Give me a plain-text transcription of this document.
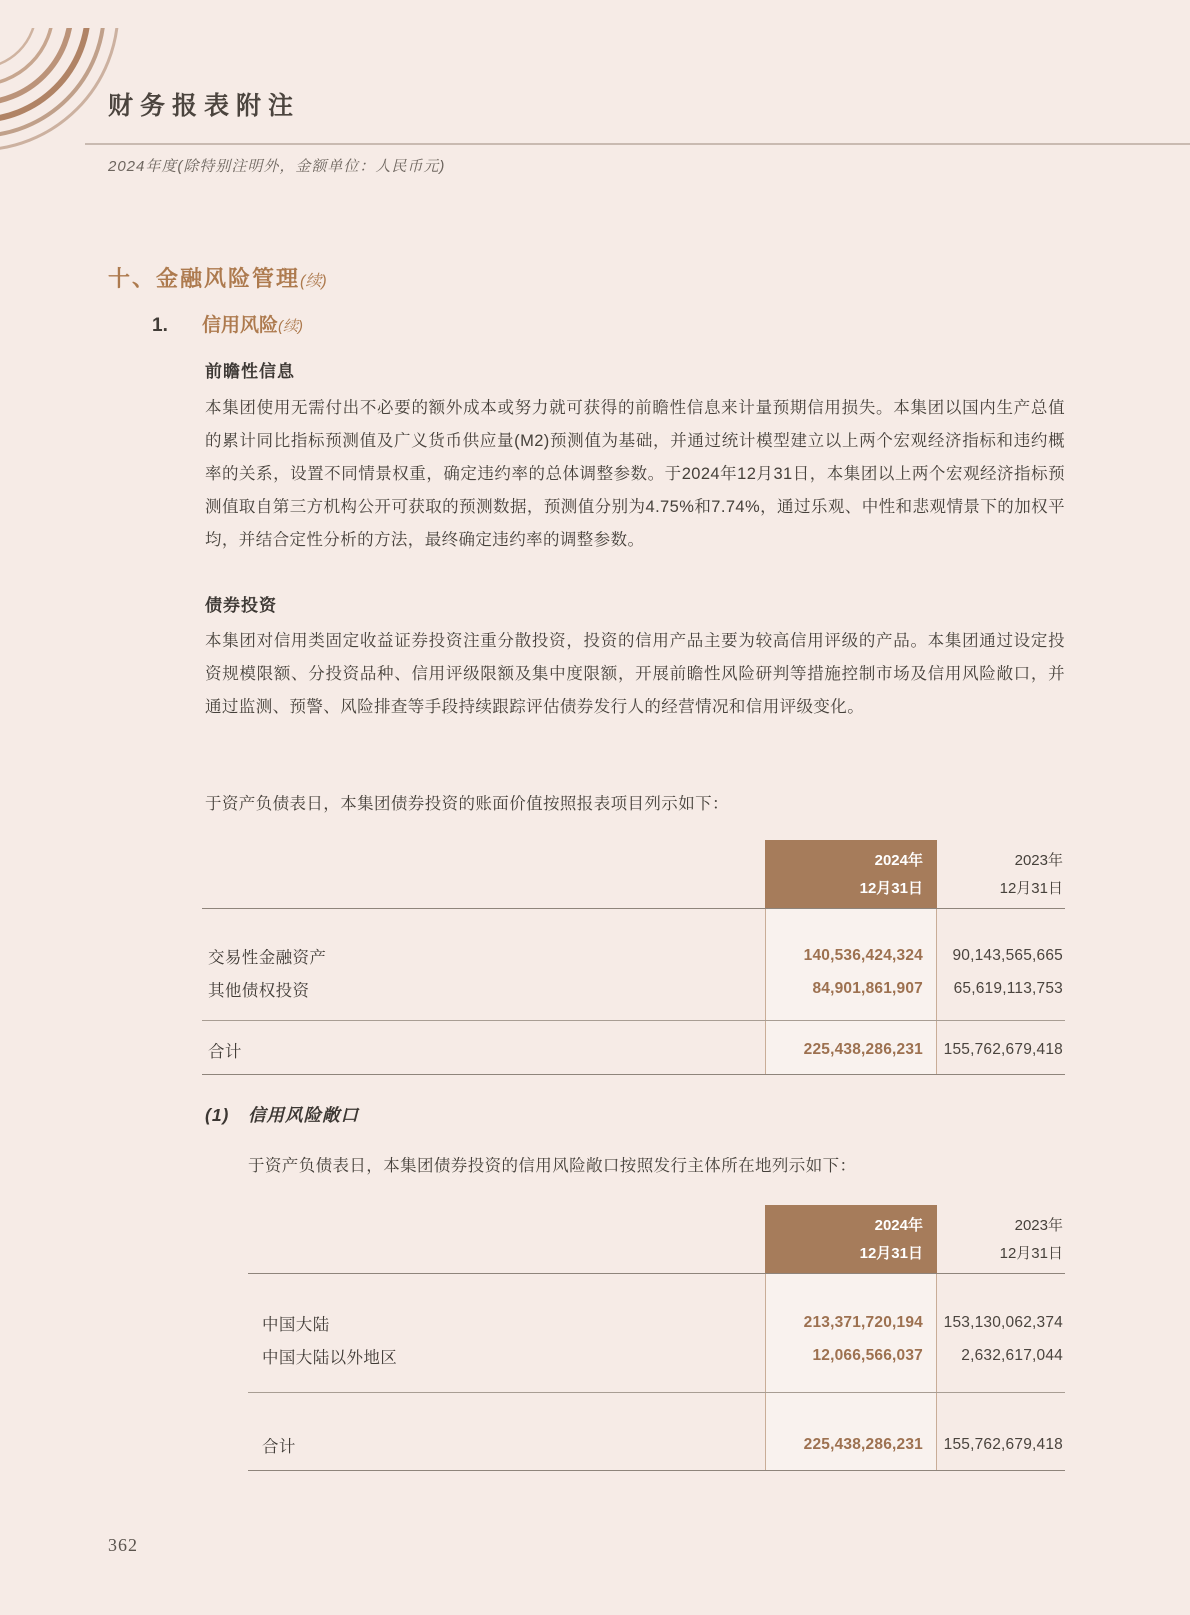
财务报表附注
2024年度(除特别注明外，金额单位：人民币元)
十、金融风险管理(续)
1. 信用风险(续)
前瞻性信息
本集团使用无需付出不必要的额外成本或努力就可获得的前瞻性信息来计量预期信用损失。本集团以国内生产总值的累计同比指标预测值及广义货币供应量(M2)预测值为基础，并通过统计模型建立以上两个宏观经济指标和违约概率的关系，设置不同情景权重，确定违约率的总体调整参数。于2024年12月31日，本集团以上两个宏观经济指标预测值取自第三方机构公开可获取的预测数据，预测值分别为4.75%和7.74%，通过乐观、中性和悲观情景下的加权平均，并结合定性分析的方法，最终确定违约率的调整参数。
债券投资
本集团对信用类固定收益证券投资注重分散投资，投资的信用产品主要为较高信用评级的产品。本集团通过设定投资规模限额、分投资品种、信用评级限额及集中度限额，开展前瞻性风险研判等措施控制市场及信用风险敞口，并通过监测、预警、风险排查等手段持续跟踪评估债券发行人的经营情况和信用评级变化。
于资产负债表日，本集团债券投资的账面价值按照报表项目列示如下：
2024年
12月31日
2023年
12月31日
交易性金融资产	140,536,424,324	90,143,565,665
其他债权投资	84,901,861,907	65,619,113,753
合计	225,438,286,231	155,762,679,418
(1) 信用风险敞口
于资产负债表日，本集团债券投资的信用风险敞口按照发行主体所在地列示如下：
2024年
12月31日
2023年
12月31日
中国大陆	213,371,720,194	153,130,062,374
中国大陆以外地区	12,066,566,037	2,632,617,044
合计	225,438,286,231	155,762,679,418
362
